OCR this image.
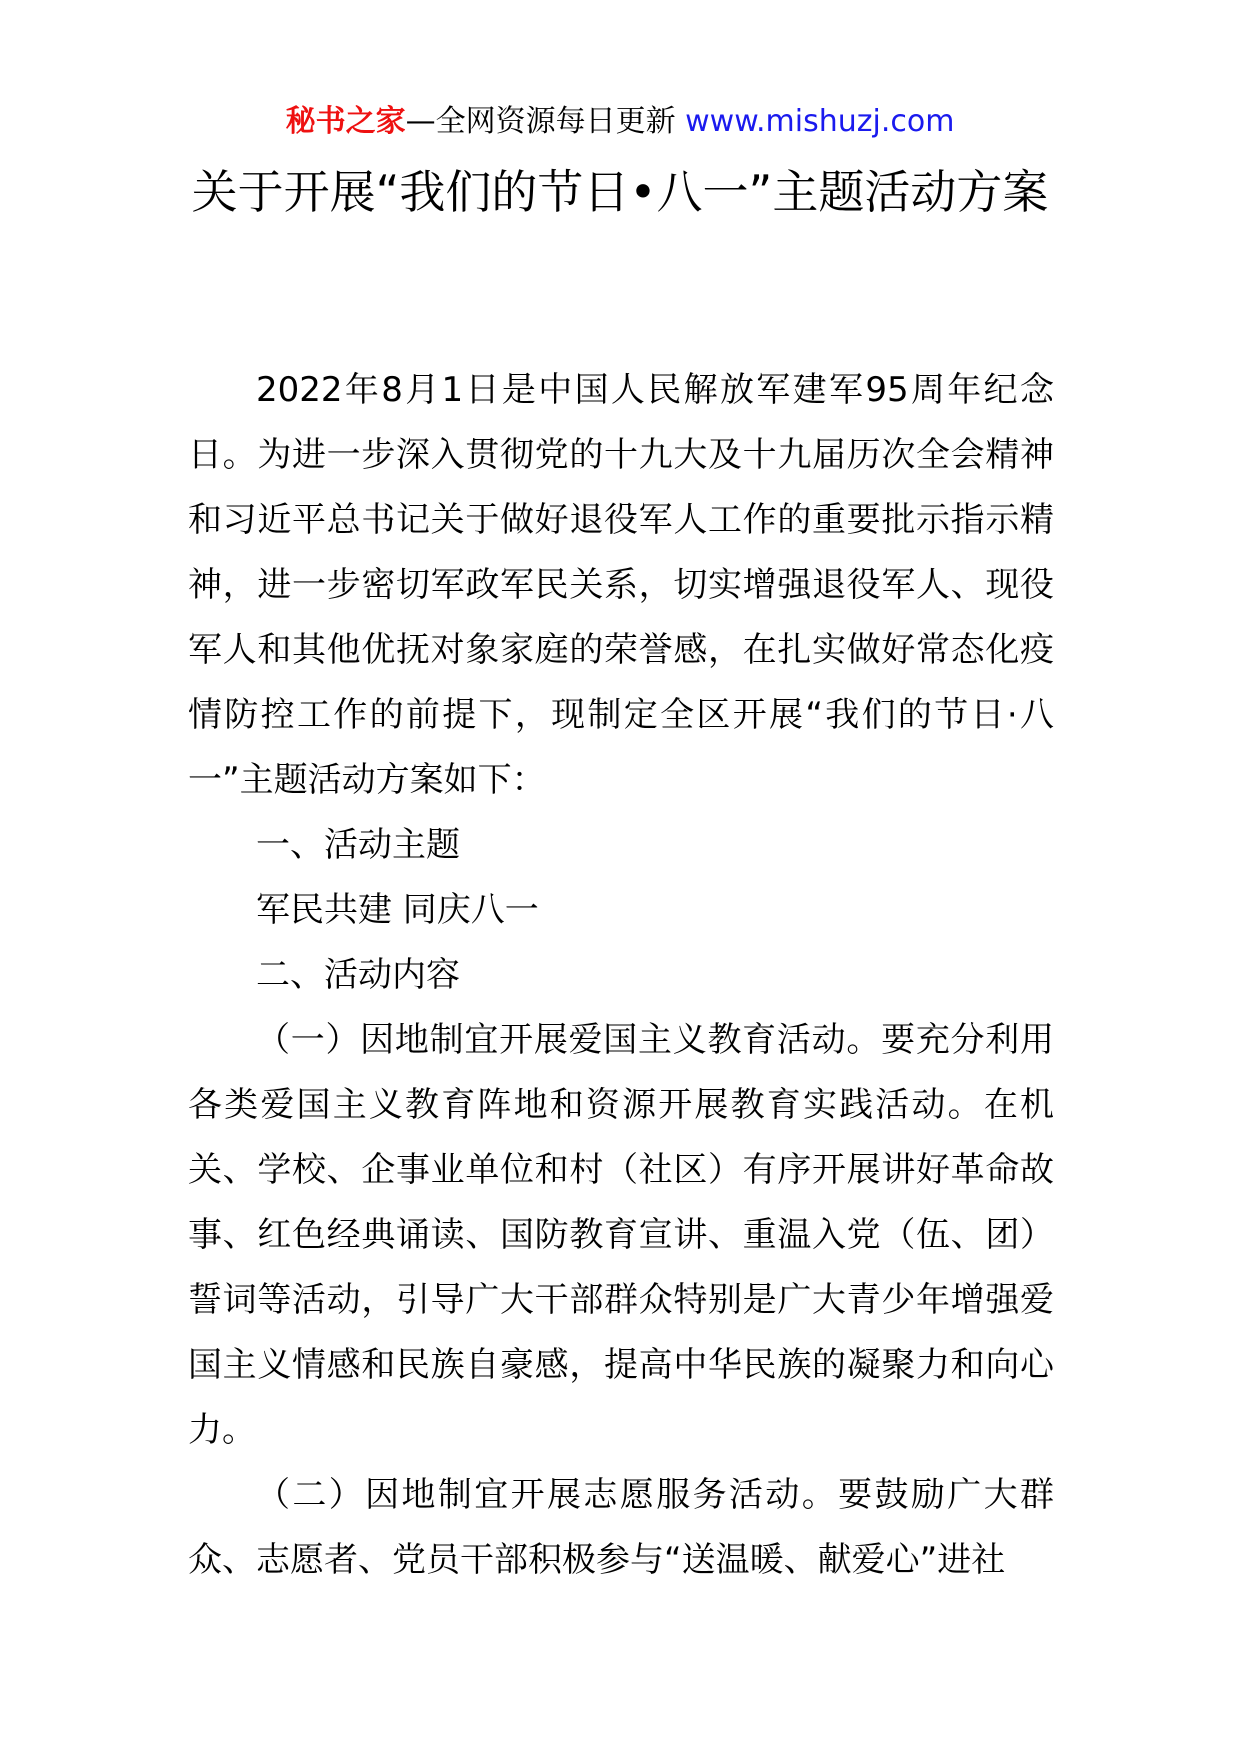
秘书之家—全网资源每日更新 www.mishuzj.com
关于开展“我们的节日•八一”主题活动方案

2022年8月1日是中国人民解放军建军95周年纪念日。为进一步深入贯彻党的十九大及十九届历次全会精神和习近平总书记关于做好退役军人工作的重要批示指示精神，进一步密切军政军民关系，切实增强退役军人、现役军人和其他优抚对象家庭的荣誉感，在扎实做好常态化疫情防控工作的前提下，现制定全区开展“我们的节日·八一”主题活动方案如下：

一、活动主题

军民共建 同庆八一

二、活动内容

（一）因地制宜开展爱国主义教育活动。要充分利用各类爱国主义教育阵地和资源开展教育实践活动。在机关、学校、企事业单位和村（社区）有序开展讲好革命故事、红色经典诵读、国防教育宣讲、重温入党（伍、团）誓词等活动，引导广大干部群众特别是广大青少年增强爱国主义情感和民族自豪感，提高中华民族的凝聚力和向心力。

（二）因地制宜开展志愿服务活动。要鼓励广大群众、志愿者、党员干部积极参与“送温暖、献爱心”进社
